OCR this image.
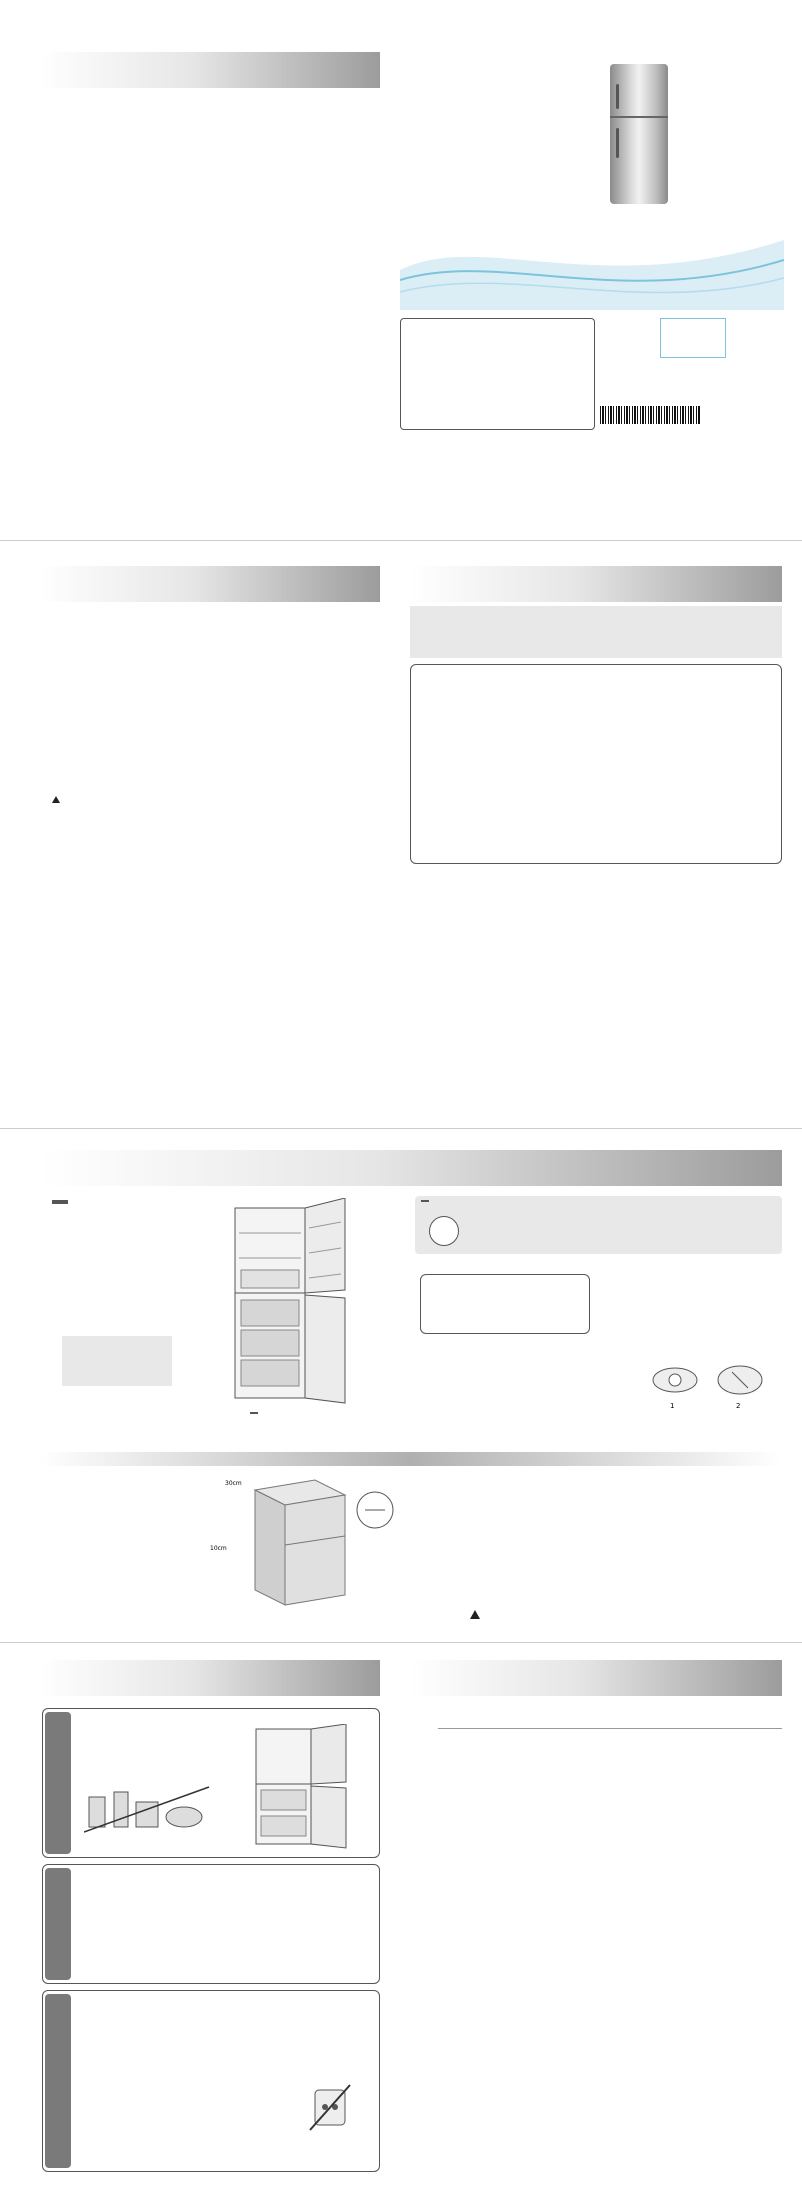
1	2
30cm
10cm
